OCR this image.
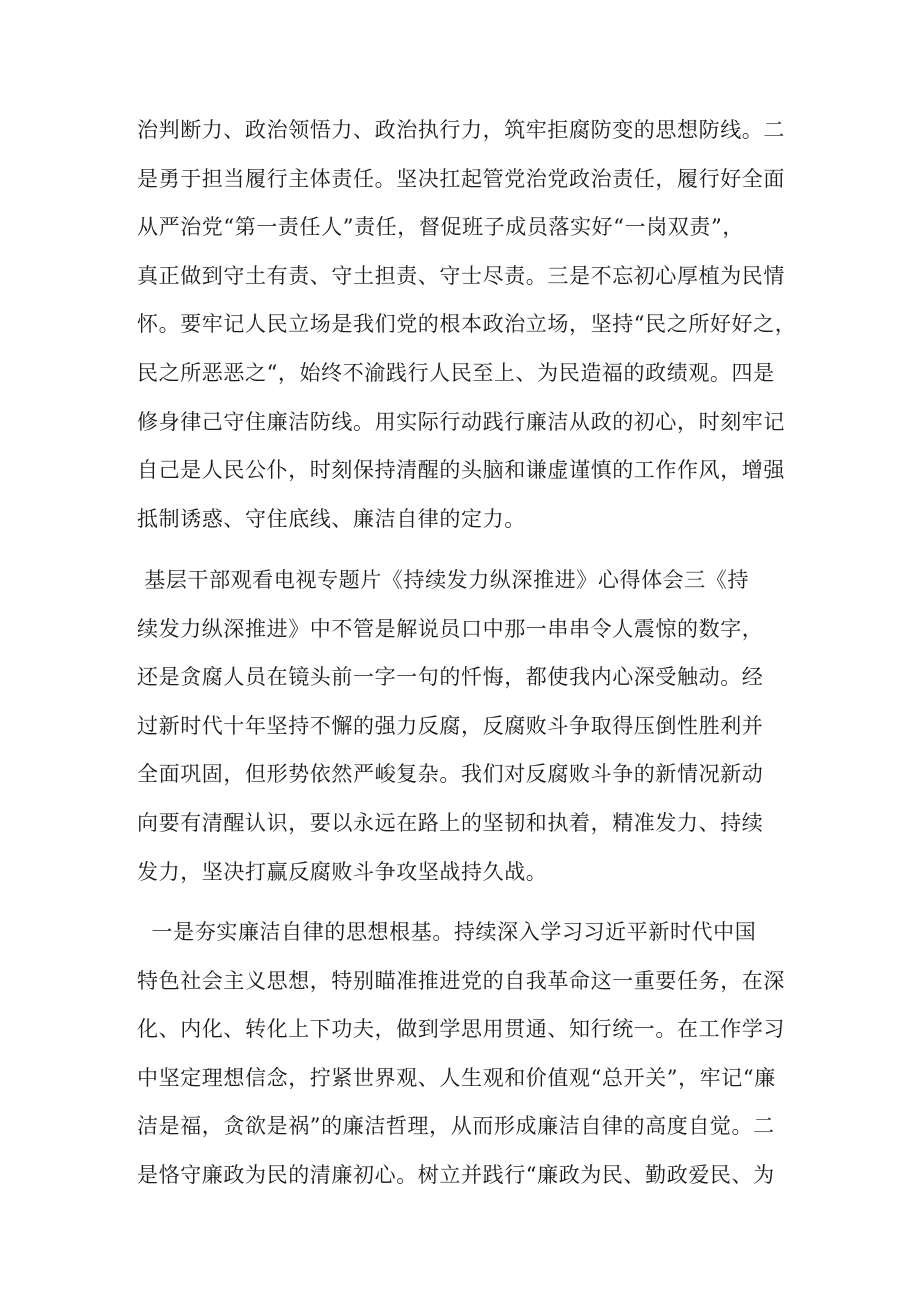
治判断力、政治领悟力、政治执行力，筑牢拒腐防变的思想防线。二
是勇于担当履行主体责任。坚决扛起管党治党政治责任，履行好全面
从严治党“第一责任人”责任，督促班子成员落实好“一岗双责”，
真正做到守土有责、守土担责、守士尽责。三是不忘初心厚植为民情
怀。要牢记人民立场是我们党的根本政治立场，坚持“民之所好好之，
民之所恶恶之“，始终不渝践行人民至上、为民造福的政绩观。四是
修身律己守住廉洁防线。用实际行动践行廉洁从政的初心，时刻牢记
自己是人民公仆，时刻保持清醒的头脑和谦虚谨慎的工作作风，增强
抵制诱惑、守住底线、廉洁自律的定力。
基层干部观看电视专题片《持续发力纵深推进》心得体会三《持
续发力纵深推进》中不管是解说员口中那一串串令人震惊的数字，
还是贪腐人员在镜头前一字一句的忏悔，都使我内心深受触动。经
过新时代十年坚持不懈的强力反腐，反腐败斗争取得压倒性胜利并
全面巩固，但形势依然严峻复杂。我们对反腐败斗争的新情况新动
向要有清醒认识，要以永远在路上的坚韧和执着，精准发力、持续
发力，坚决打赢反腐败斗争攻坚战持久战。
一是夯实廉洁自律的思想根基。持续深入学习习近平新时代中国
特色社会主义思想，特别瞄准推进党的自我革命这一重要任务，在深
化、内化、转化上下功夫，做到学思用贯通、知行统一。在工作学习
中坚定理想信念，拧紧世界观、人生观和价值观“总开关”，牢记“廉
洁是福，贪欲是祸”的廉洁哲理，从而形成廉洁自律的高度自觉。二
是恪守廉政为民的清廉初心。树立并践行“廉政为民、勤政爱民、为
